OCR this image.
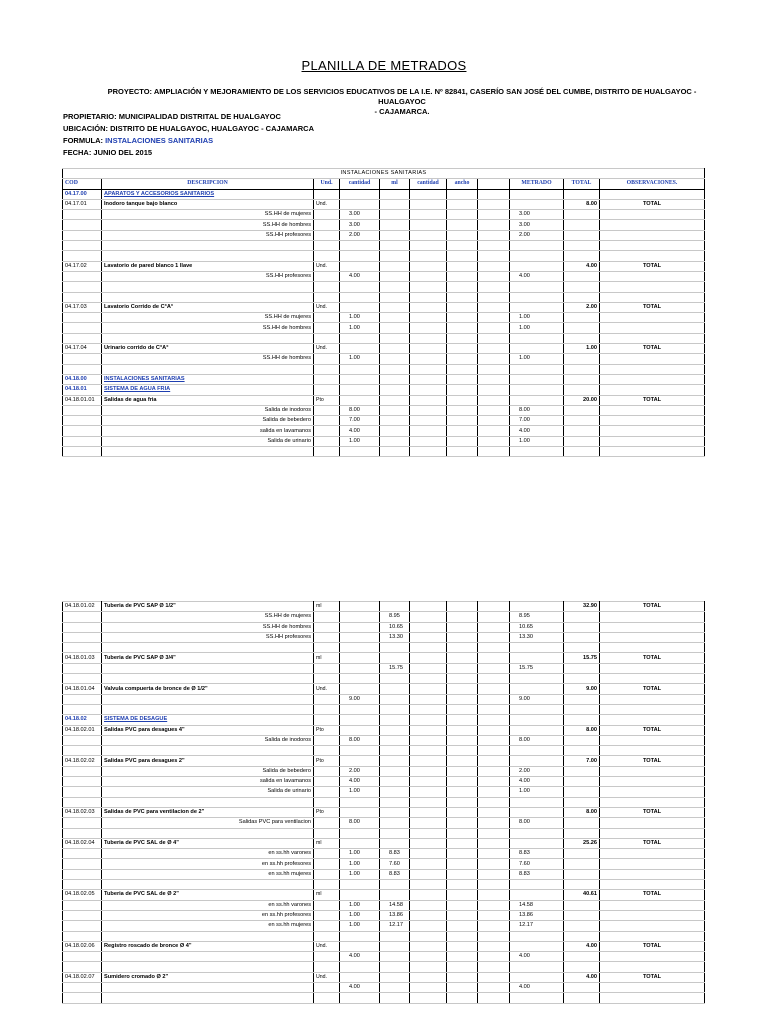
PLANILLA DE METRADOS
PROYECTO: AMPLIACIÓN Y MEJORAMIENTO DE LOS SERVICIOS EDUCATIVOS DE LA I.E. Nº 82841, CASERÍO SAN JOSÉ DEL CUMBE, DISTRITO DE HUALGAYOC - HUALGAYOC
- CAJAMARCA.
PROPIETARIO: MUNICIPALIDAD DISTRITAL DE HUALGAYOC
UBICACIÓN: DISTRITO DE HUALGAYOC, HUALGAYOC - CAJAMARCA
FORMULA: INSTALACIONES SANITARIAS
FECHA: JUNIO DEL 2015
INSTALACIONES SANITARIAS										
COD	DESCRIPCION	Und.	cantidad	ml	cantidad	ancho		METRADO	TOTAL	OBSERVACIONES.
04.17.00	APARATOS Y ACCESORIOS SANITARIOS									
04.17.01	Inodoro tanque bajo blanco	Und.							8.00	TOTAL
	SS.HH de mujeres		3.00					3.00		
	SS.HH de hombres		3.00					3.00		
	SS.HH profesores		2.00					2.00		

04.17.02	Lavatorio de pared blanco 1 llave	Und.							4.00	TOTAL
	SS.HH profesores		4.00					4.00		

04.17.03	Lavatorio Corrido de C°A°	Und.							2.00	TOTAL
	SS.HH de mujeres		1.00					1.00		
	SS.HH de hombres		1.00					1.00		

04.17.04	Urinario corrido de C°A°	Und.							1.00	TOTAL
	SS.HH de hombres		1.00					1.00		

04.18.00	INSTALACIONES SANITARIAS									
04.18.01	SISTEMA DE AGUA FRIA									
04.18.01.01	Salidas de agua fria	Pto							20.00	TOTAL
	Salida de inodoros		8.00					8.00		
	Salida de bebedero		7.00					7.00		
	salida en lavamanos		4.00					4.00		
	Salida de urinario		1.00					1.00		

04.18.01.02	Tuberia de PVC SAP Ø 1/2"	ml							32.90	TOTAL
	SS.HH de mujeres			8.95				8.95		
	SS.HH de hombres			10.65				10.65		
	SS.HH profesores			13.30				13.30		

04.18.01.03	Tuberia de PVC SAP Ø 3/4"	ml							15.75	TOTAL
				15.75				15.75		

04.18.01.04	Valvula compuerta de bronce de Ø 1/2"	Und.							9.00	TOTAL
			9.00					9.00		

04.18.02	SISTEMA DE DESAGUE									
04.18.02.01	Salidas PVC para desagues 4"	Pto							8.00	TOTAL
	Salida de inodoros		8.00					8.00		

04.18.02.02	Salidas PVC para desagues 2"	Pto							7.00	TOTAL
	Salida de bebedero		2.00					2.00		
	salida en lavamanos		4.00					4.00		
	Salida de urinario		1.00					1.00		

04.18.02.03	Salidas de PVC para ventilacion de 2"	Pto							8.00	TOTAL
	Salidas PVC para ventilacion		8.00					8.00		

04.18.02.04	Tuberia de PVC SAL de Ø 4"	ml							25.26	TOTAL
	en ss.hh varones		1.00	8.83				8.83		
	en ss.hh profesores		1.00	7.60				7.60		
	en ss.hh mujeres		1.00	8.83				8.83		

04.18.02.05	Tuberia de PVC SAL de Ø 2"	ml							40.61	TOTAL
	en ss.hh varones		1.00	14.58				14.58		
	en ss.hh profesores		1.00	13.86				13.86		
	en ss.hh mujeres		1.00	12.17				12.17		

04.18.02.06	Registro roscado de bronce Ø 4"	Und.							4.00	TOTAL
			4.00					4.00		

04.18.02.07	Sumidero cromado Ø 2"	Und.							4.00	TOTAL
			4.00					4.00		
